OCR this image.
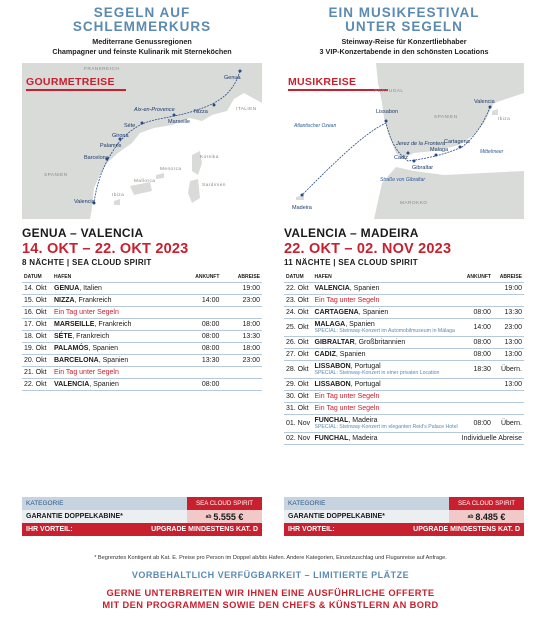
SEGELN AUF
SCHLEMMERKURS
Mediterrane Genussregionen
Champagner und feinste Kulinarik mit Sterneköchen
GOURMETREISE
FRANKREICH
ITALIEN
SPANIEN
Mallorca
Korsika
Sardinien
Menorca
Ibiza
Genua
Nizza
Aix-en-Provence
Marseille
Séte
Girona
Palamós
Barcelona
Valencia
GENUA – VALENCIA
14. OKT – 22. OKT 2023
8 NÄCHTE | SEA CLOUD SPIRIT
DATUM	HAFEN	ANKUNFT	ABREISE
14. Okt	GENUA, Italien		19:00
15. Okt	NIZZA, Frankreich	14:00	23:00
16. Okt	Ein Tag unter Segeln		
17. Okt	MARSEILLE, Frankreich	08:00	18:00
18. Okt	SÉTE, Frankreich	08:00	13:30
19. Okt	PALAMÓS, Spanien	08:00	18:00
20. Okt	BARCELONA, Spanien	13:30	23:00
21. Okt	Ein Tag unter Segeln		
22. Okt	VALENCIA, Spanien	08:00	
EIN MUSIKFESTIVAL
UNTER SEGELN
Steinway-Reise für Konzertliebhaber
3 VIP-Konzertabende in den schönsten Locations
MUSIKREISE
PORTUGAL
SPANIEN
MAROKKO
Ibiza
Atlantischer Ozean
Mittelmeer
Straße von Gibraltar
Lissabon
Valencia
Cartagena
Malaga
Jerez de la Frontera
Cadiz
Gibraltar
Madeira
VALENCIA – MADEIRA
22. OKT – 02. NOV 2023
11 NÄCHTE | SEA CLOUD SPIRIT
DATUM	HAFEN	ANKUNFT	ABREISE
22. Okt	VALENCIA, Spanien		19:00
23. Okt	Ein Tag unter Segeln		
24. Okt	CARTAGENA, Spanien	08:00	13:30
25. Okt	MALAGA, Spanien
SPECIAL: Steinway-Konzert im Automobilmuseum in Málaga	14:00	23:00
26. Okt	GIBRALTAR, Großbritannien	08:00	13:00
27. Okt	CADIZ, Spanien	08:00	13:00
28. Okt	LISSABON, Portugal
SPECIAL: Steinway-Konzert in einer privaten Location	18:30	Übern.
29. Okt	LISSABON, Portugal		13:00
30. Okt	Ein Tag unter Segeln		
31. Okt	Ein Tag unter Segeln		
01. Nov	FUNCHAL, Madeira
SPECIAL: Steinway-Konzert im eleganten Reid's Palace Hotel	08:00	Übern.
02. Nov	FUNCHAL, Madeira	Individuelle Abreise	
KATEGORIE	SEA CLOUD SPIRIT
GARANTIE DOPPELKABINE*	ab 5.555 €
IHR VORTEIL:	UPGRADE MINDESTENS KAT. D
KATEGORIE	SEA CLOUD SPIRIT
GARANTIE DOPPELKABINE*	ab 8.485 €
IHR VORTEIL:	UPGRADE MINDESTENS KAT. D
* Begrenztes Kontigent ab Kat. E. Preise pro Person im Doppel ab/bis Hafen. Andere Kategorien, Einzelzuschlag und Fluganreise auf Anfrage.
VORBEHALTLICH VERFÜGBARKEIT – LIMITIERTE PLÄTZE
GERNE UNTERBREITEN WIR IHNEN EINE AUSFÜHRLICHE OFFERTE
MIT DEN PROGRAMMEN SOWIE DEN CHEFS & KÜNSTLERN AN BORD
